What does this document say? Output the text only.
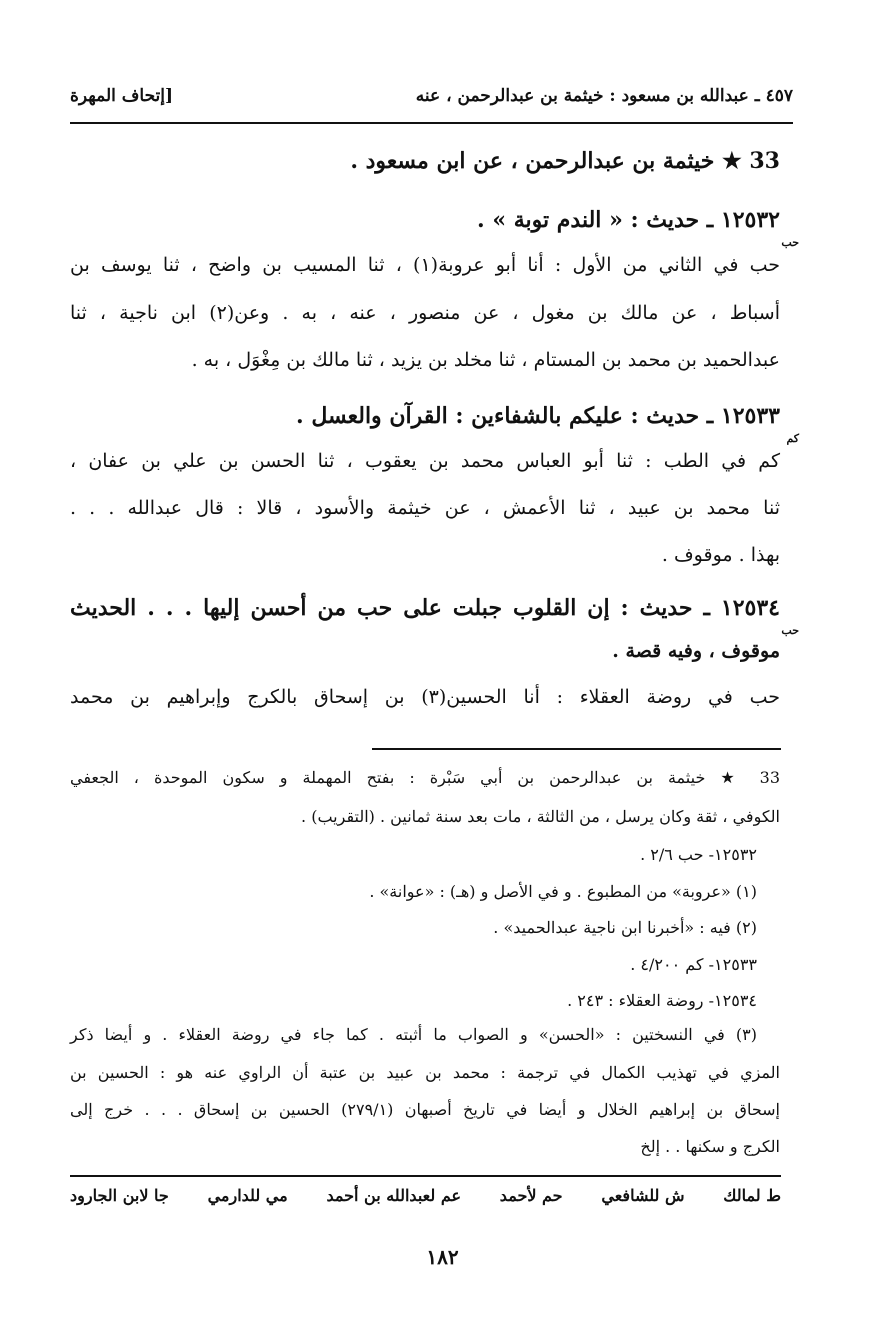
[إتحاف المهرة	٤٥٧ ـ عبدالله بن مسعود : خيثمة بن عبدالرحمن ، عنه
33 ★ خيثمة بن عبدالرحمن ، عن ابن مسعود .
١٢٥٣٢ ـ حديث : « الندم توبة » .
حب
حب في الثاني من الأول : أنا أبو عروبة(١) ، ثنا المسيب بن واضح ، ثنا يوسف بن
أسباط ، عن مالك بن مغول ، عن منصور ، عنه ، به . وعن(٢) ابن ناجية ، ثنا
عبدالحميد بن محمد بن المستام ، ثنا مخلد بن يزيد ، ثنا مالك بن مِغْوَل ، به .
١٢٥٣٣ ـ حديث : عليكم بالشفاءين : القرآن والعسل .
كم
كم في الطب : ثنا أبو العباس محمد بن يعقوب ، ثنا الحسن بن علي بن عفان ،
ثنا محمد بن عبيد ، ثنا الأعمش ، عن خيثمة والأسود ، قالا : قال عبدالله . . .
بهذا . موقوف .
١٢٥٣٤ ـ حديث : إن القلوب جبلت على حب من أحسن إليها . . . الحديث
حب
موقوف ، وفيه قصة .
حب في روضة العقلاء : أنا الحسين(٣) بن إسحاق بالكرج وإبراهيم بن محمد
33 ★ خيثمة بن عبدالرحمن بن أبي سَبْرة : بفتح المهملة و سكون الموحدة ، الجعفي
الكوفي ، ثقة وكان يرسل ، من الثالثة ، مات بعد سنة ثمانين . (التقريب) .
١٢٥٣٢- حب ٢/٦ .
(١) «عروبة» من المطبوع . و في الأصل و (هـ) : «عوانة» .
(٢) فيه : «أخبرنا ابن ناجية عبدالحميد» .
١٢٥٣٣- كم ٤/٢٠٠ .
١٢٥٣٤- روضة العقلاء : ٢٤٣ .
(٣) في النسختين : «الحسن» و الصواب ما أثبته . كما جاء في روضة العقلاء . و أيضا ذكر
المزي في تهذيب الكمال في ترجمة : محمد بن عبيد بن عتبة أن الراوي عنه هو : الحسين بن
إسحاق بن إبراهيم الخلال و أيضا في تاريخ أصبهان (٢٧٩/١) الحسين بن إسحاق . . . خرج إلى
الكرج و سكنها . . إلخ
ط لمالك
ش للشافعي
حم لأحمد
عم لعبدالله بن أحمد
مي للدارمي
جا لابن الجارود
١٨٢
